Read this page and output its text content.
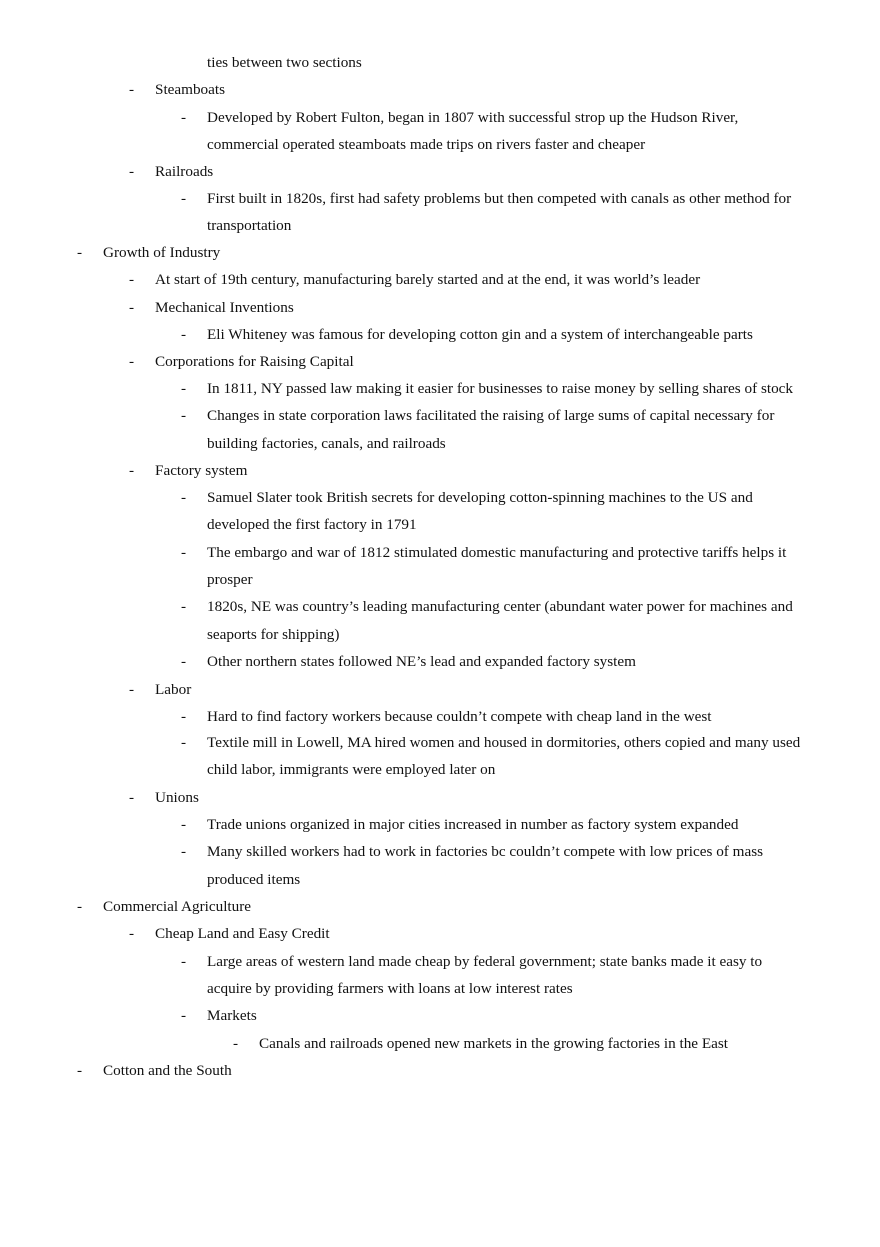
ties between two sections
- Steamboats
- Developed by Robert Fulton, began in 1807 with successful strop up the Hudson River,
commercial operated steamboats made trips on rivers faster and cheaper
- Railroads
- First built in 1820s, first had safety problems but then competed with canals as other method for
transportation
- Growth of Industry
- At start of 19th century, manufacturing barely started and at the end, it was world’s leader
- Mechanical Inventions
- Eli Whiteney was famous for developing cotton gin and a system of interchangeable parts
- Corporations for Raising Capital
- In 1811, NY passed law making it easier for businesses to raise money by selling shares of stock
- Changes in state corporation laws facilitated the raising of large sums of capital necessary for
building factories, canals, and railroads
- Factory system
- Samuel Slater took British secrets for developing cotton-spinning machines to the US and
developed the first factory in 1791
- The embargo and war of 1812 stimulated domestic manufacturing and protective tariffs helps it
prosper
- 1820s, NE was country’s leading manufacturing center (abundant water power for machines and
seaports for shipping)
- Other northern states followed NE’s lead and expanded factory system
- Labor
- Hard to find factory workers because couldn’t compete with cheap land in the west
- Textile mill in Lowell, MA hired women and housed in dormitories, others copied and many used
child labor, immigrants were employed later on
- Unions
- Trade unions organized in major cities increased in number as factory system expanded
- Many skilled workers had to work in factories bc couldn’t compete with low prices of mass
produced items
- Commercial Agriculture
- Cheap Land and Easy Credit
- Large areas of western land made cheap by federal government; state banks made it easy to
acquire by providing farmers with loans at low interest rates
- Markets
- Canals and railroads opened new markets in the growing factories in the East
- Cotton and the South
